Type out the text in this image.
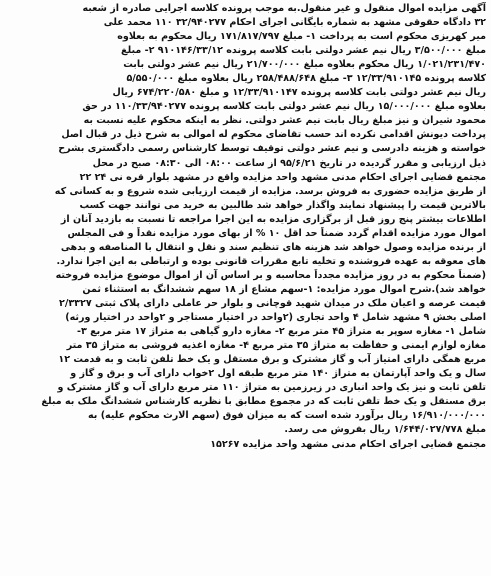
آگهی مزایده اموال منقول و غیر منقول.به موجب پرونده کلاسه اجرایی صادره از شعبه
۳۲ دادگاه حقوقی مشهد به شماره بایگانی اجرای احکام ۳۲/۹۴۰۲۷۷ ۱۱۰ محمد علی
میر کهریزی محکوم است به پرداخت ۱- مبلغ ۱۷۱/۸۱۷/۷۹۷ ریال محکوم به بعلاوه
مبلغ ۳/۵۰۰/۰۰۰ ریال نیم عشر دولتی بابت کلاسه پرونده ۹۱۰۱۴۶/۳۳/۱۲ ۲- مبلغ
۱/۰۲۱/۲۳۱/۴۷۰ ریال محکوم بعلاوه مبلغ ۲۱/۷۰۰/۰۰۰ ریال نیم عشر دولتی بابت
کلاسه پرونده ۱۲/۳۳/۹۱۰۱۴۵ ۳- مبلغ ۲۵۸/۴۸۸/۶۴۸ ریال بعلاوه مبلغ ۵/۵۵۰/۰۰۰
ریال نیم عشر دولتی بابت کلاسه پرونده ۱۲/۳۳/۹۱۰۱۴۷ و مبلغ ۶۷۴/۲۲۰/۵۸۰ ریال
بعلاوه مبلغ ۱۵/۰۰۰/۰۰۰ ریال نیم عشر دولتی بابت کلاسه پرونده ۱۱۰/۳۳/۹۴۰۲۷۷ در حق
محمود شیران و نیز مبلغ ریال بابت نیم عشر دولتی. نظر به اینکه محکوم علیه نسبت به
پرداخت دیونش اقدامی نکرده اند حسب تقاضای محکوم له اموالی به شرح ذیل در قبال اصل
خواسته و هزینه دادرسی و نیم عشر دولتی توقیف توسط کارشناس رسمی دادگستری بشرح
ذیل ارزیابی و مقرر گردیده در تاریخ ۹۵/۶/۲۱ از ساعت ۰۸:۰۰ الی ۰۸:۳۰ صبح در محل
مجتمع قضایی اجرای احکام مدنی مشهد واحد مزایده واقع در مشهد بلوار قره نی ۲۴ ۲۲
از طریق مزایده حضوری به فروش برسد. مزایده از قیمت ارزیابی شده شروع و به کسانی که
بالاترین قیمت را پیشنهاد نمایند واگذار خواهد شد طالبین به خرید می توانند جهت کسب
اطلاعات بیشتر پنج روز قبل از برگزاری مزایده به این اجرا مراجعه تا نسبت به بازدید آنان از
اموال مورد مزایده اقدام گردد ضمناً حد اقل ۱۰ % از بهای مورد مزایده نقداً و فی المجلس
از برنده مزایده وصول خواهد شد هزینه های تنظیم سند و نقل و انتقال با المناصفه و بدهی
های معوقه به عهده فروشنده و تخلیه تابع مقررات قانونی بوده و ارتباطی به این اجرا ندارد.
(ضمناً محکوم به در روز مزایده مجدداً محاسبه و بر اساس آن از اموال موضوع مزایده فروخته
خواهد شد).شرح اموال مورد مزایده: ۱-سهم مشاع از ۱۸ سهم ششدانگ به استثناء ثمن
قیمت عرصه و اعیان ملک در میدان شهید قوچانی و بلوار حر عاملی دارای پلاک ثبتی ۲/۳۳۲۷
اصلی بخش ۹ مشهد شامل ۴ واحد تجاری (۲واحد در اختیار مستاجر و ۲واحد در اختیار ورثه)
شامل ۱- مغازه سوپر به متراژ ۴۵ متر مربع ۲- مغازه دارو گیاهی به متراژ ۱۷ متر مربع ۳-
مغازه لوازم ایمنی و حفاظت به متراژ ۳۵ متر مربع ۴- مغازه اغذیه فروشی به متراژ ۳۵ متر
مربع همگی دارای امتیاز آب و گاز مشترک و برق مستقل و یک خط تلفن ثابت و به قدمت ۱۲
سال و یک واحد آپارتمان به متراژ ۱۴۰ متر مربع طبقه اول ۲خواب دارای آب و برق و گاز و
تلفن ثابت و نیز یک واحد انباری در زیرزمین به متراژ ۱۱۰ متر مربع دارای آب و گاز مشترک و
برق مستقل و یک خط تلفن ثابت که در مجموع مطابق با نظریه کارشناس ششدانگ ملک به مبلغ
۱۶/۹۱۰/۰۰۰/۰۰۰ ریال برآورد شده است که به میزان فوق (سهم الارث محکوم علیه) به
مبلغ ۱/۶۴۴/۰۲۷/۷۷۸ ریال بفروش می رسد.
مجتمع قضایی اجرای احکام مدنی مشهد واحد مزایده ۱۵۲۶۷
